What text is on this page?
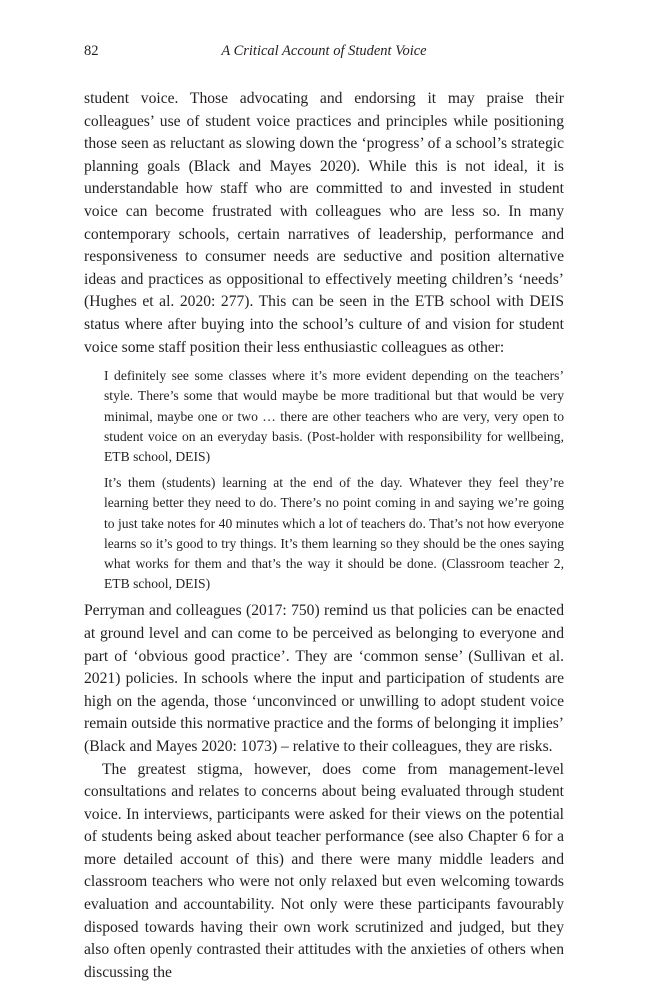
82	A Critical Account of Student Voice

student voice. Those advocating and endorsing it may praise their colleagues’ use of student voice practices and principles while positioning those seen as reluctant as slowing down the ‘progress’ of a school’s strategic planning goals (Black and Mayes 2020). While this is not ideal, it is understandable how staff who are committed to and invested in student voice can become frustrated with colleagues who are less so. In many contemporary schools, certain narratives of leadership, performance and responsiveness to consumer needs are seductive and position alternative ideas and practices as oppositional to effectively meeting children’s ‘needs’ (Hughes et al. 2020: 277). This can be seen in the ETB school with DEIS status where after buying into the school’s culture of and vision for student voice some staff position their less enthusiastic colleagues as other:

I definitely see some classes where it’s more evident depending on the teachers’ style. There’s some that would maybe be more traditional but that would be very minimal, maybe one or two … there are other teachers who are very, very open to student voice on an everyday basis. (Post-holder with responsibility for wellbeing, ETB school, DEIS)

It’s them (students) learning at the end of the day. Whatever they feel they’re learning better they need to do. There’s no point coming in and saying we’re going to just take notes for 40 minutes which a lot of teachers do. That’s not how everyone learns so it’s good to try things. It’s them learning so they should be the ones saying what works for them and that’s the way it should be done. (Classroom teacher 2, ETB school, DEIS)

Perryman and colleagues (2017: 750) remind us that policies can be enacted at ground level and can come to be perceived as belonging to everyone and part of ‘obvious good practice’. They are ‘common sense’ (Sullivan et al. 2021) policies. In schools where the input and participation of students are high on the agenda, those ‘unconvinced or unwilling to adopt student voice remain outside this normative practice and the forms of belonging it implies’ (Black and Mayes 2020: 1073) – relative to their colleagues, they are risks.

The greatest stigma, however, does come from management-level consultations and relates to concerns about being evaluated through student voice. In interviews, participants were asked for their views on the potential of students being asked about teacher performance (see also Chapter 6 for a more detailed account of this) and there were many middle leaders and classroom teachers who were not only relaxed but even welcoming towards evaluation and accountability. Not only were these participants favourably disposed towards having their own work scrutinized and judged, but they also often openly contrasted their attitudes with the anxieties of others when discussing the
